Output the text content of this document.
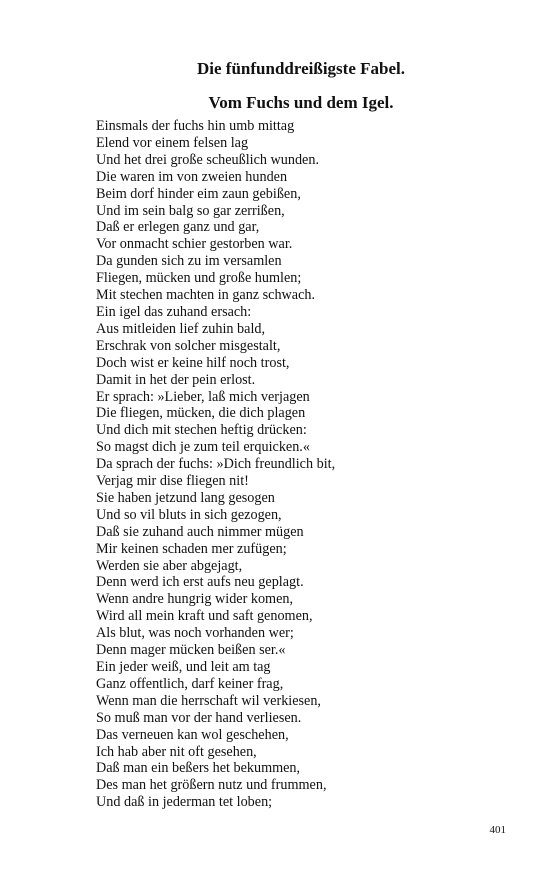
Die fünfunddreißigste Fabel.
Vom Fuchs und dem Igel.
Einsmals der fuchs hin umb mittag
Elend vor einem felsen lag
Und het drei große scheußlich wunden.
Die waren im von zweien hunden
Beim dorf hinder eim zaun gebißen,
Und im sein balg so gar zerrißen,
Daß er erlegen ganz und gar,
Vor onmacht schier gestorben war.
Da gunden sich zu im versamlen
Fliegen, mücken und große humlen;
Mit stechen machten in ganz schwach.
Ein igel das zuhand ersach:
Aus mitleiden lief zuhin bald,
Erschrak von solcher misgestalt,
Doch wist er keine hilf noch trost,
Damit in het der pein erlost.
Er sprach: »Lieber, laß mich verjagen
Die fliegen, mücken, die dich plagen
Und dich mit stechen heftig drücken:
So magst dich je zum teil erquicken.«
Da sprach der fuchs: »Dich freundlich bit,
Verjag mir dise fliegen nit!
Sie haben jetzund lang gesogen
Und so vil bluts in sich gezogen,
Daß sie zuhand auch nimmer mügen
Mir keinen schaden mer zufügen;
Werden sie aber abgejagt,
Denn werd ich erst aufs neu geplagt.
Wenn andre hungrig wider komen,
Wird all mein kraft und saft genomen,
Als blut, was noch vorhanden wer;
Denn mager mücken beißen ser.«
Ein jeder weiß, und leit am tag
Ganz offentlich, darf keiner frag,
Wenn man die herrschaft wil verkiesen,
So muß man vor der hand verliesen.
Das verneuen kan wol geschehen,
Ich hab aber nit oft gesehen,
Daß man ein beßers het bekummen,
Des man het größern nutz und frummen,
Und daß in jederman tet loben;
401
